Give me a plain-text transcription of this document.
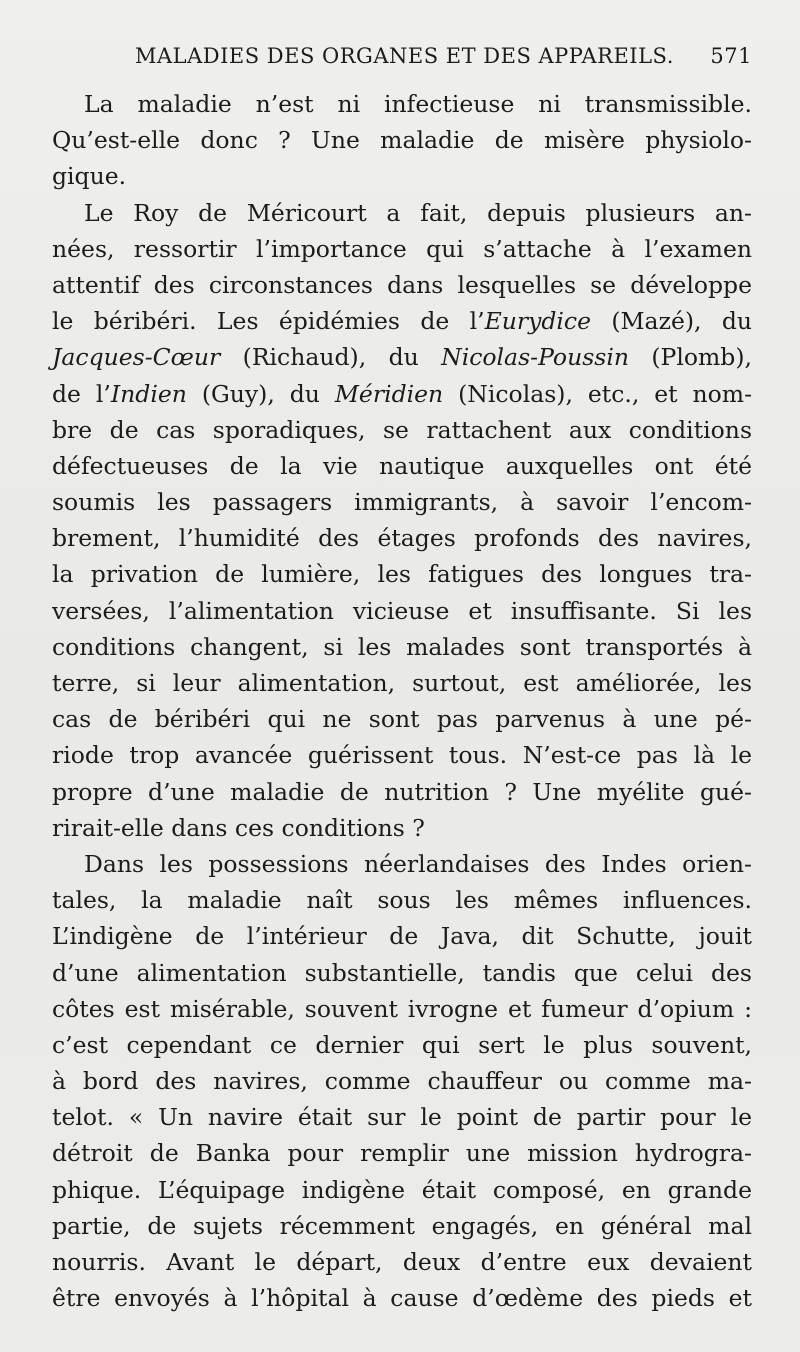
MALADIES DES ORGANES ET DES APPAREILS. 571
La maladie n’est ni infectieuse ni transmissible.
Qu’est-elle donc ? Une maladie de misère physiolo-
gique.
Le Roy de Méricourt a fait, depuis plusieurs an-
nées, ressortir l’importance qui s’attache à l’examen
attentif des circonstances dans lesquelles se développe
le béribéri. Les épidémies de l’Eurydice (Mazé), du
Jacques-Cœur (Richaud), du Nicolas-Poussin (Plomb),
de l’Indien (Guy), du Méridien (Nicolas), etc., et nom-
bre de cas sporadiques, se rattachent aux conditions
défectueuses de la vie nautique auxquelles ont été
soumis les passagers immigrants, à savoir l’encom-
brement, l’humidité des étages profonds des navires,
la privation de lumière, les fatigues des longues tra-
versées, l’alimentation vicieuse et insuffisante. Si les
conditions changent, si les malades sont transportés à
terre, si leur alimentation, surtout, est améliorée, les
cas de béribéri qui ne sont pas parvenus à une pé-
riode trop avancée guérissent tous. N’est-ce pas là le
propre d’une maladie de nutrition ? Une myélite gué-
rirait-elle dans ces conditions ?
Dans les possessions néerlandaises des Indes orien-
tales, la maladie naît sous les mêmes influences.
L’indigène de l’intérieur de Java, dit Schutte, jouit
d’une alimentation substantielle, tandis que celui des
côtes est misérable, souvent ivrogne et fumeur d’opium :
c’est cependant ce dernier qui sert le plus souvent,
à bord des navires, comme chauffeur ou comme ma-
telot. « Un navire était sur le point de partir pour le
détroit de Banka pour remplir une mission hydrogra-
phique. L’équipage indigène était composé, en grande
partie, de sujets récemment engagés, en général mal
nourris. Avant le départ, deux d’entre eux devaient
être envoyés à l’hôpital à cause d’œdème des pieds et
